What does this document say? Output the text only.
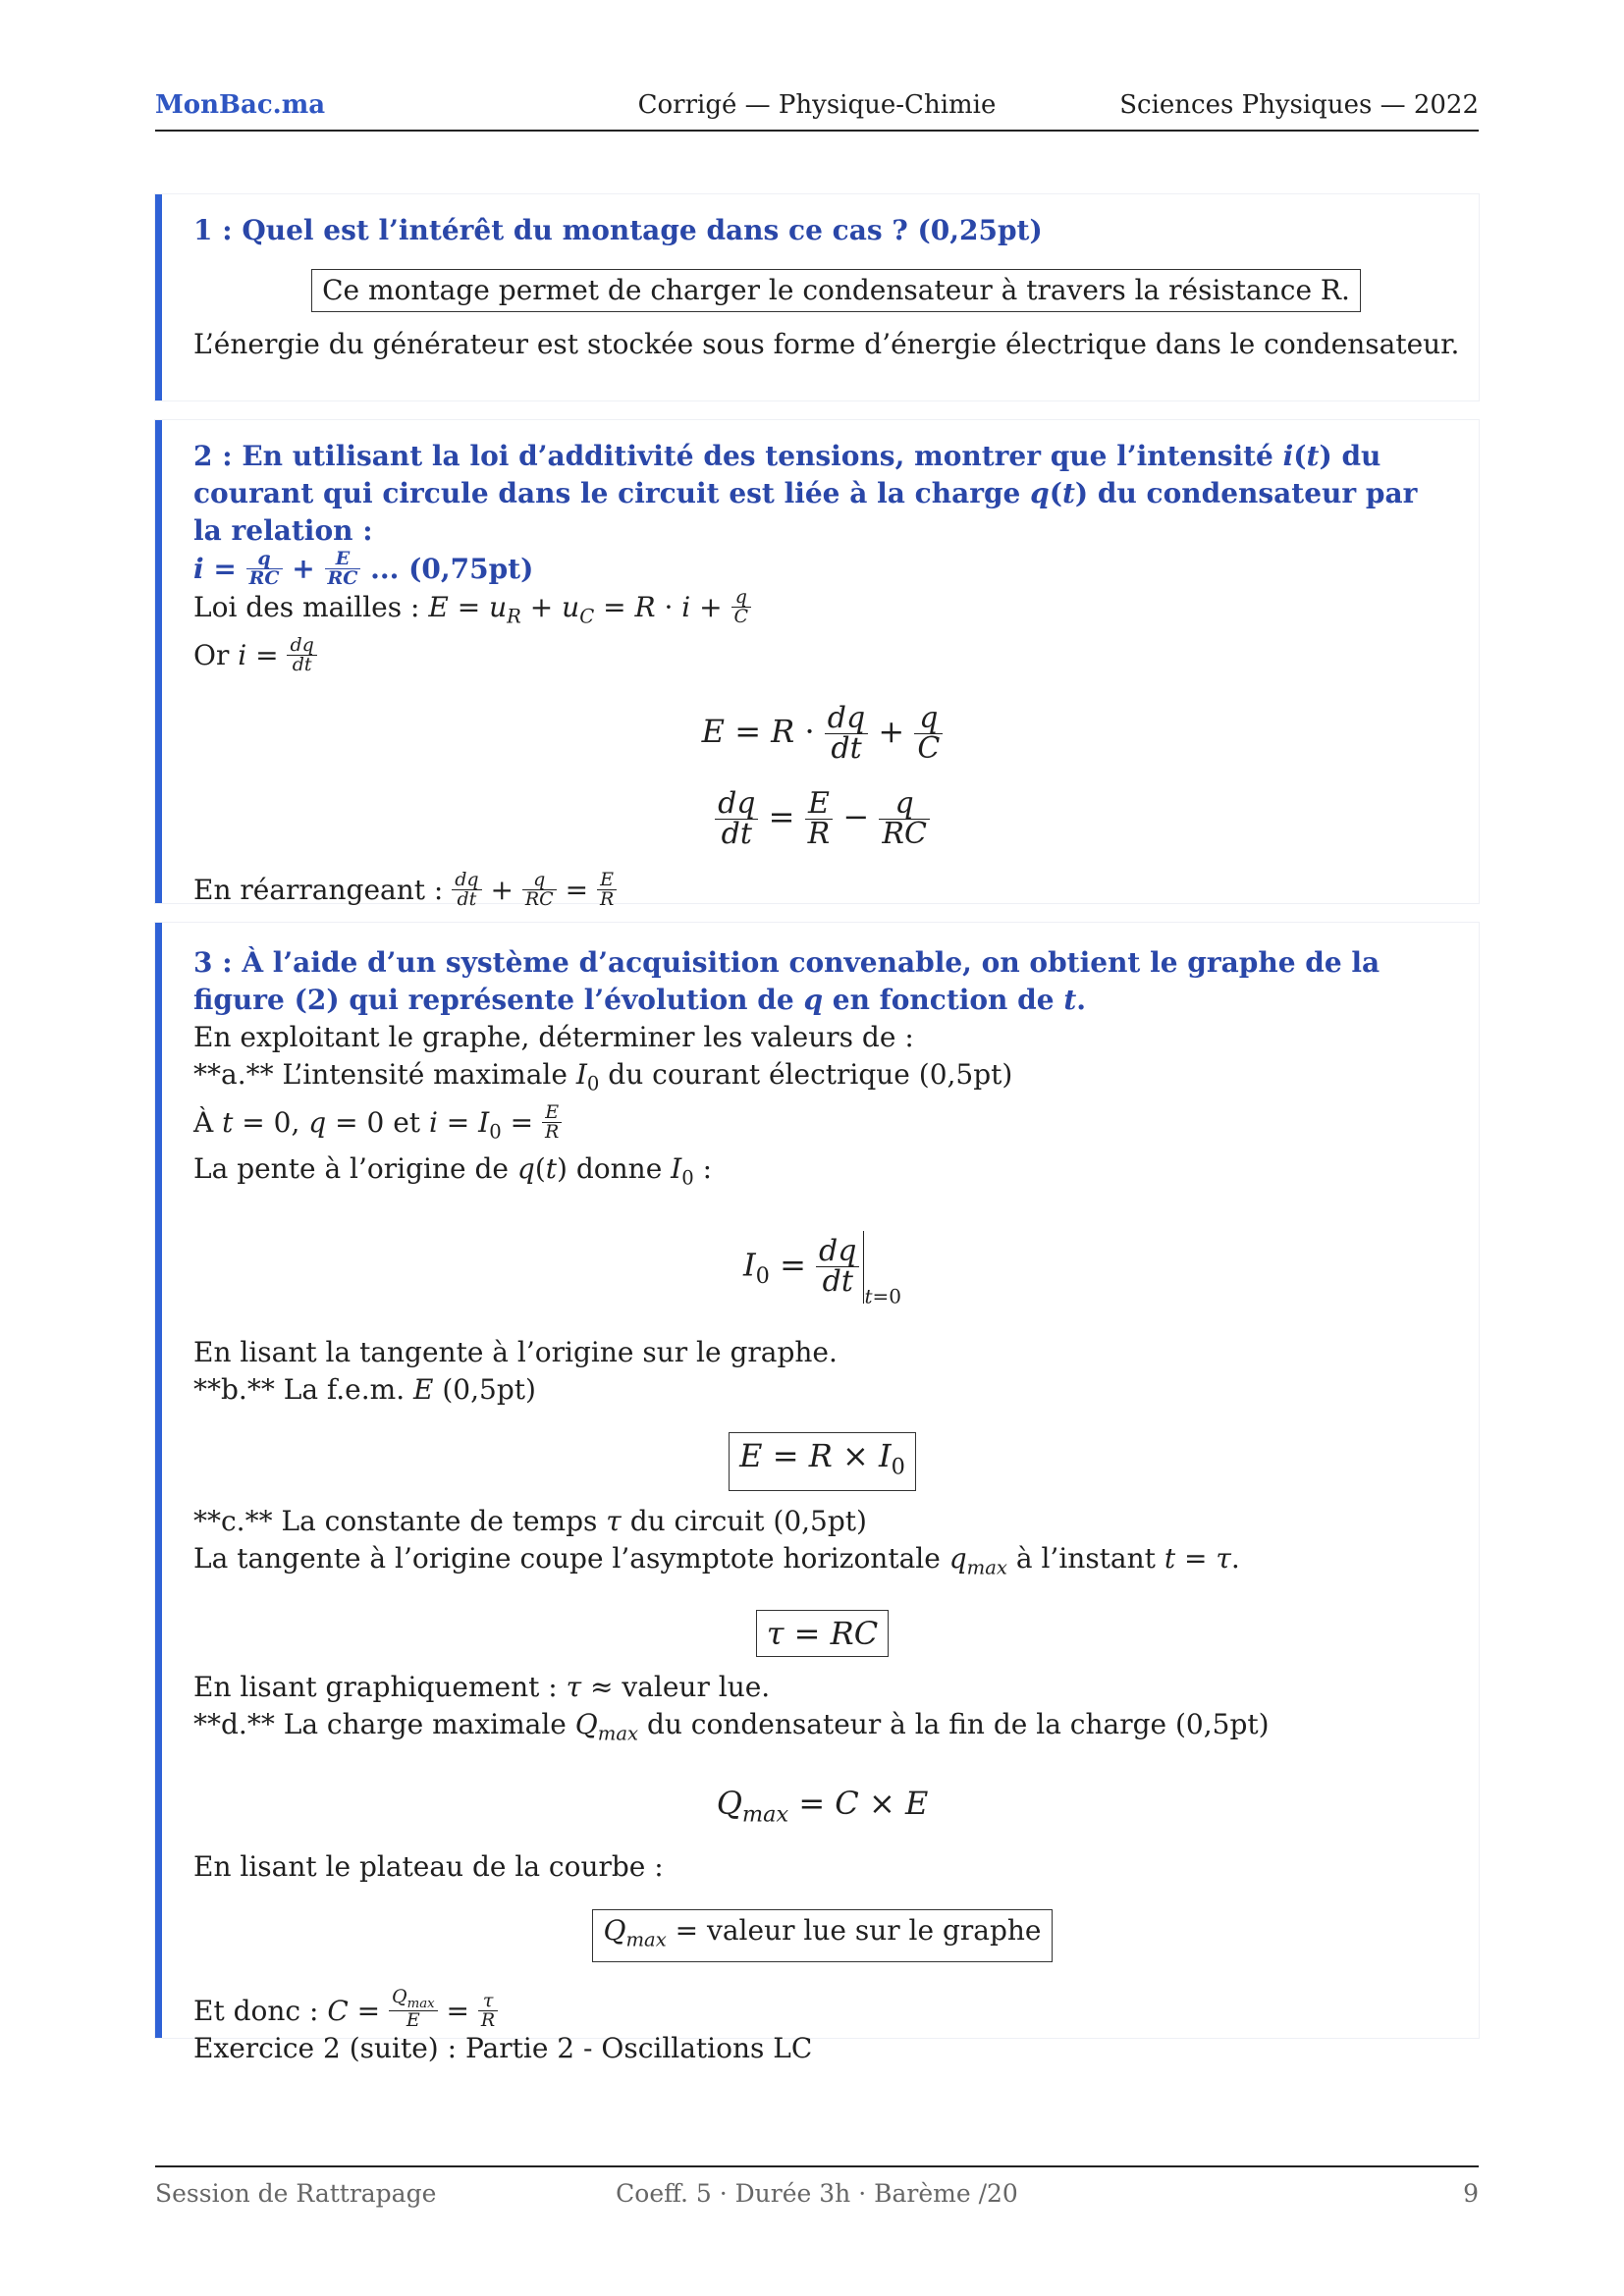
MonBac.ma	Corrigé — Physique-Chimie	Sciences Physiques — 2022

1 : Quel est l’intérêt du montage dans ce cas ? (0,25pt)

Ce montage permet de charger le condensateur à travers la résistance R.

L’énergie du générateur est stockée sous forme d’énergie électrique dans le condensateur.

2 : En utilisant la loi d’additivité des tensions, montrer que l’intensité i(t) du courant qui circule dans le circuit est liée à la charge q(t) du condensateur par la relation :
$i = \frac{q}{RC} + \frac{E}{RC}$ ... (0,75pt)

Loi des mailles : $E = u_R + u_C = R \cdot i + \frac{q}{C}$

Or $i = \frac{dq}{dt}$

$E = R \cdot \frac{dq}{dt} + \frac{q}{C}$

$\frac{dq}{dt} = \frac{E}{R} - \frac{q}{RC}$

En réarrangeant : $\frac{dq}{dt} + \frac{q}{RC} = \frac{E}{R}$

3 : À l’aide d’un système d’acquisition convenable, on obtient le graphe de la figure (2) qui représente l’évolution de q en fonction de t.

En exploitant le graphe, déterminer les valeurs de :

**a.** L’intensité maximale $I_0$ du courant électrique (0,5pt)

À t = 0, q = 0 et $i = I_0 = \frac{E}{R}$

La pente à l’origine de q(t) donne $I_0$ :

$I_0 = \frac{dq}{dt} _{t=0}$

En lisant la tangente à l’origine sur le graphe.

**b.** La f.e.m. E (0,5pt)

$E = R \times I_0$

**c.** La constante de temps τ du circuit (0,5pt)

La tangente à l’origine coupe l’asymptote horizontale $q_{max}$ à l’instant t = τ.

τ = RC

En lisant graphiquement : τ ≈ valeur lue.

**d.** La charge maximale $Q_{max}$ du condensateur à la fin de la charge (0,5pt)

$Q_{max} = C \times E$

En lisant le plateau de la courbe :

$Q_{max}$ = valeur lue sur le graphe

Et donc : $C = \frac{Q_{max}}{E} = \frac{\tau}{R}$

Exercice 2 (suite) : Partie 2 - Oscillations LC

Session de Rattrapage	Coeff. 5 · Durée 3h · Barème /20	9
